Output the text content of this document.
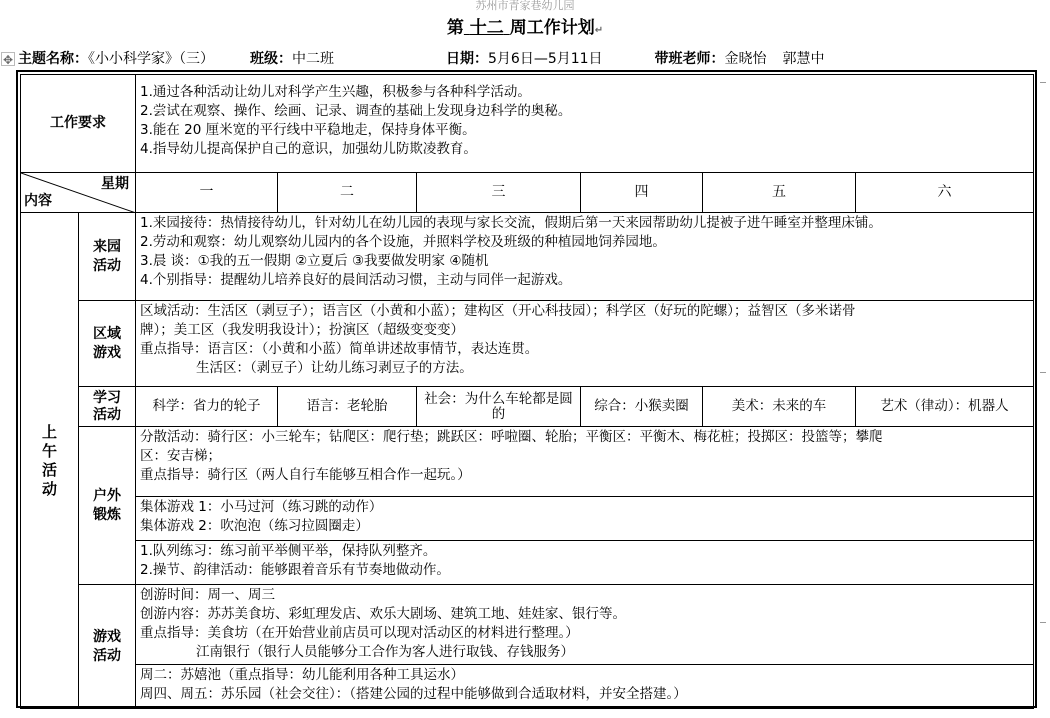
苏州市青家巷幼儿园
第 十二 周工作计划↵
✥ 主题名称：《小小科学家》（三）	班级：中二班	日期：5月6日—5月11日	带班老师：金晓怡 郭慧中
工作要求		1.通过各种活动让幼儿对科学产生兴趣，积极参与各种科学活动。
2.尝试在观察、操作、绘画、记录、调查的基础上发现身边科学的奥秘。
3.能在 20 厘米宽的平行线中平稳地走，保持身体平衡。
4.指导幼儿提高保护自己的意识，加强幼儿防欺凌教育。					

星期
内容		一	二	三	四	五	六

上
午
活
动	来园
活动	1.来园接待：热情接待幼儿，针对幼儿在幼儿园的表现与家长交流，假期后第一天来园帮助幼儿提被子进午睡室并整理床铺。
2.劳动和观察：幼儿观察幼儿园内的各个设施，并照料学校及班级的种植园地饲养园地。
3.晨 谈：①我的五一假期 ②立夏后 ③我要做发明家 ④随机
4.个别指导：提醒幼儿培养良好的晨间活动习惯，主动与同伴一起游戏。					

	区域
游戏	区域活动：生活区（剥豆子）；语言区（小黄和小蓝）；建构区（开心科技园）；科学区（好玩的陀螺）；益智区（多米诺骨
牌）；美工区（我发明我设计）；扮演区（超级变变变）
重点指导：语言区：（小黄和小蓝）简单讲述故事情节，表达连贯。
生活区：（剥豆子）让幼儿练习剥豆子的方法。					

	学习
活动	科学：省力的轮子	语言：老轮胎	社会：为什么车轮都是圆的	综合：小猴卖圈	美术：未来的车	艺术（律动）：机器人

	户外
锻炼	分散活动：骑行区：小三轮车；钻爬区：爬行垫；跳跃区：呼啦圈、轮胎；平衡区：平衡木、梅花桩；投掷区：投篮等；攀爬
区：安吉梯；
重点指导：骑行区（两人自行车能够互相合作一起玩。）					

		集体游戏 1：小马过河（练习跳的动作）
集体游戏 2：吹泡泡（练习拉圆圈走）					

		1.队列练习：练习前平举侧平举，保持队列整齐。
2.操节、韵律活动：能够跟着音乐有节奏地做动作。					

	游戏
活动	创游时间：周一、周三
创游内容：苏苏美食坊、彩虹理发店、欢乐大剧场、建筑工地、娃娃家、银行等。
重点指导：美食坊（在开始营业前店员可以现对活动区的材料进行整理。）
江南银行（银行人员能够分工合作为客人进行取钱、存钱服务）					

		周二：苏嬉池（重点指导：幼儿能利用各种工具运水）
周四、周五：苏乐园（社会交往）：（搭建公园的过程中能够做到合适取材料，并安全搭建。）					
